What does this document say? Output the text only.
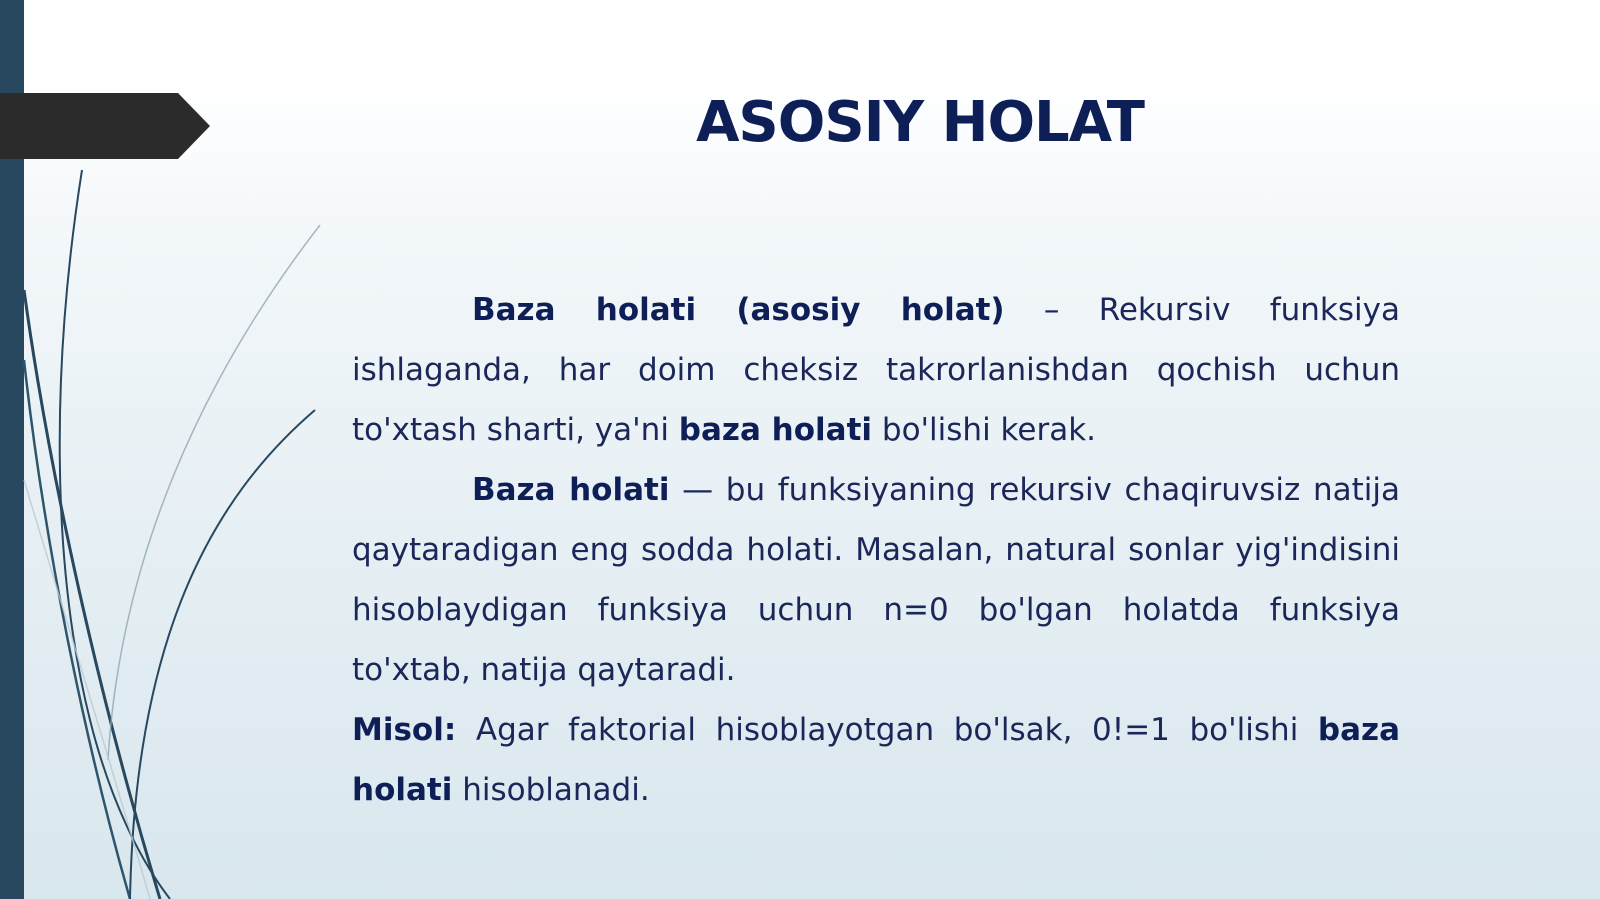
ASOSIY HOLAT

Baza holati (asosiy holat) – Rekursiv funksiya ishlaganda, har doim cheksiz takrorlanishdan qochish uchun to'xtash sharti, ya'ni baza holati bo'lishi kerak.

Baza holati — bu funksiyaning rekursiv chaqiruvsiz natija qaytaradigan eng sodda holati. Masalan, natural sonlar yig'indisini hisoblaydigan funksiya uchun n=0 bo'lgan holatda funksiya to'xtab, natija qaytaradi.

Misol: Agar faktorial hisoblayotgan bo'lsak, 0!=1 bo'lishi baza holati hisoblanadi.
